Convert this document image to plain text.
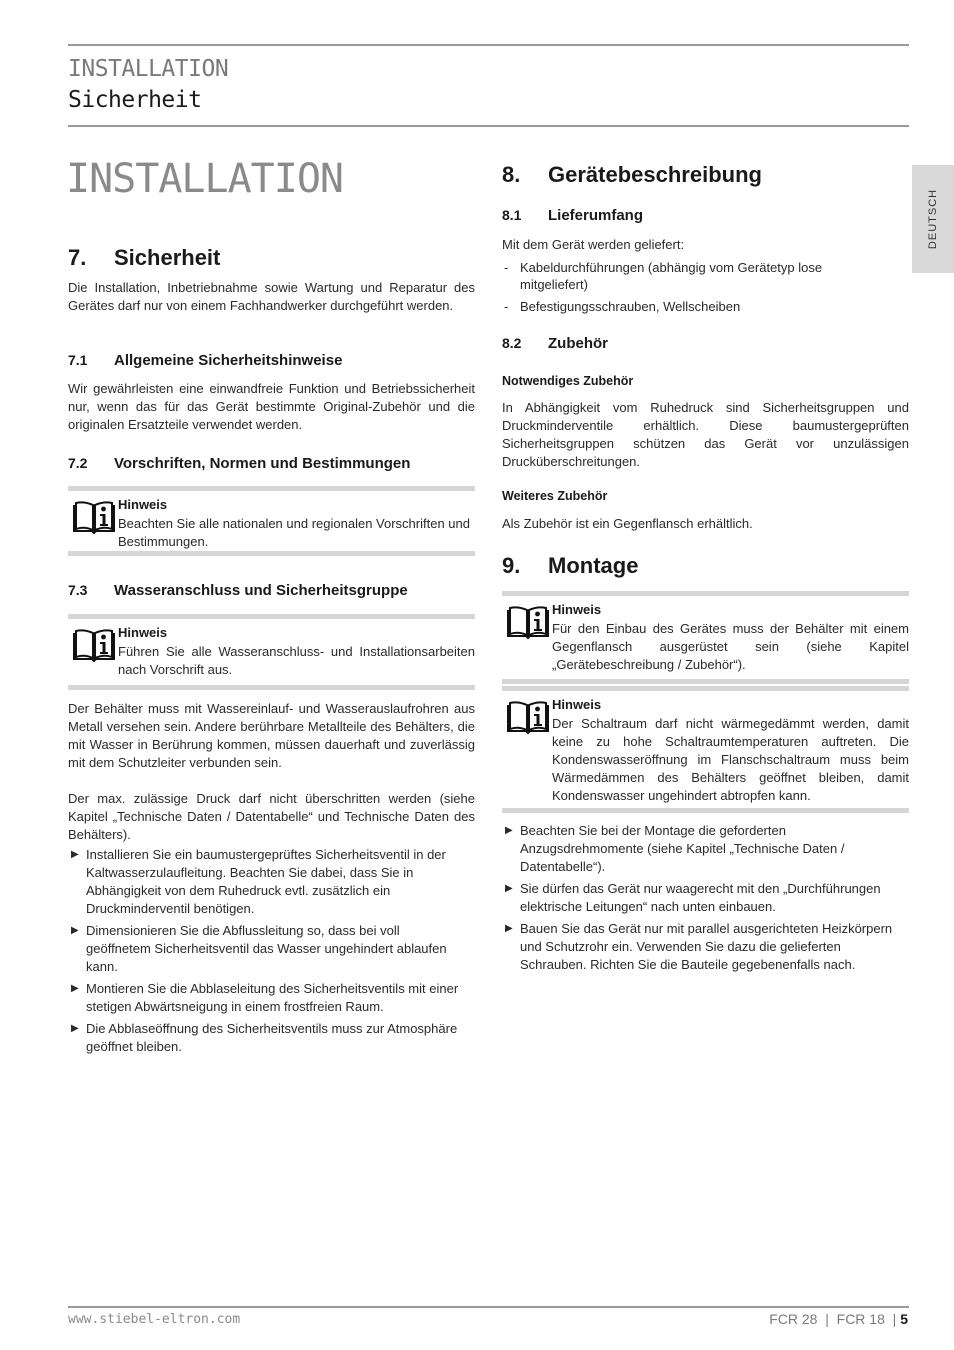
INSTALLATION
Sicherheit
INSTALLATION
DEUTSCH
7. Sicherheit
Die Installation, Inbetriebnahme sowie Wartung und Reparatur des Gerätes darf nur von einem Fachhandwerker durchgeführt werden.
7.1 Allgemeine Sicherheitshinweise
Wir gewährleisten eine einwandfreie Funktion und Betriebssicherheit nur, wenn das für das Gerät bestimmte Original-Zubehör und die originalen Ersatzteile verwendet werden.
7.2 Vorschriften, Normen und Bestimmungen
Hinweis
Beachten Sie alle nationalen und regionalen Vorschriften und Bestimmungen.
7.3 Wasseranschluss und Sicherheitsgruppe
Hinweis
Führen Sie alle Wasseranschluss- und Installationsarbeiten nach Vorschrift aus.
Der Behälter muss mit Wassereinlauf- und Wasserauslaufrohren aus Metall versehen sein. Andere berührbare Metallteile des Behälters, die mit Wasser in Berührung kommen, müssen dauerhaft und zuverlässig mit dem Schutzleiter verbunden sein.
Der max. zulässige Druck darf nicht überschritten werden (siehe Kapitel „Technische Daten / Datentabelle“ und Technische Daten des Behälters).
▶ Installieren Sie ein baumustergeprüftes Sicherheitsventil in der Kaltwasserzulaufleitung. Beachten Sie dabei, dass Sie in Abhängigkeit von dem Ruhedruck evtl. zusätzlich ein Druckminderventil benötigen.
▶ Dimensionieren Sie die Abflussleitung so, dass bei voll geöffnetem Sicherheitsventil das Wasser ungehindert ablaufen kann.
▶ Montieren Sie die Abblaseleitung des Sicherheitsventils mit einer stetigen Abwärtsneigung in einem frostfreien Raum.
▶ Die Abblaseöffnung des Sicherheitsventils muss zur Atmosphäre geöffnet bleiben.
8. Gerätebeschreibung
8.1 Lieferumfang
Mit dem Gerät werden geliefert:
- Kabeldurchführungen (abhängig vom Gerätetyp lose mitgeliefert)
- Befestigungsschrauben, Wellscheiben
8.2 Zubehör
Notwendiges Zubehör
In Abhängigkeit vom Ruhedruck sind Sicherheitsgruppen und Druckminderventile erhältlich. Diese baumustergeprüften Sicherheitsgruppen schützen das Gerät vor unzulässigen Drucküberschreitungen.
Weiteres Zubehör
Als Zubehör ist ein Gegenflansch erhältlich.
9. Montage
Hinweis
Für den Einbau des Gerätes muss der Behälter mit einem Gegenflansch ausgerüstet sein (siehe Kapitel „Gerätebeschreibung / Zubehör“).
Hinweis
Der Schaltraum darf nicht wärmegedämmt werden, damit keine zu hohe Schaltraumtemperaturen auftreten. Die Kondenswasseröffnung im Flanschschaltraum muss beim Wärmedämmen des Behälters geöffnet bleiben, damit Kondenswasser ungehindert abtropfen kann.
▶ Beachten Sie bei der Montage die geforderten Anzugsdrehmomente (siehe Kapitel „Technische Daten / Datentabelle“).
▶ Sie dürfen das Gerät nur waagerecht mit den „Durchführungen elektrische Leitungen“ nach unten einbauen.
▶ Bauen Sie das Gerät nur mit parallel ausgerichteten Heizkörpern und Schutzrohr ein. Verwenden Sie dazu die gelieferten Schrauben. Richten Sie die Bauteile gegebenenfalls nach.
www.stiebel-eltron.com	FCR 28  |  FCR 18  | 5
